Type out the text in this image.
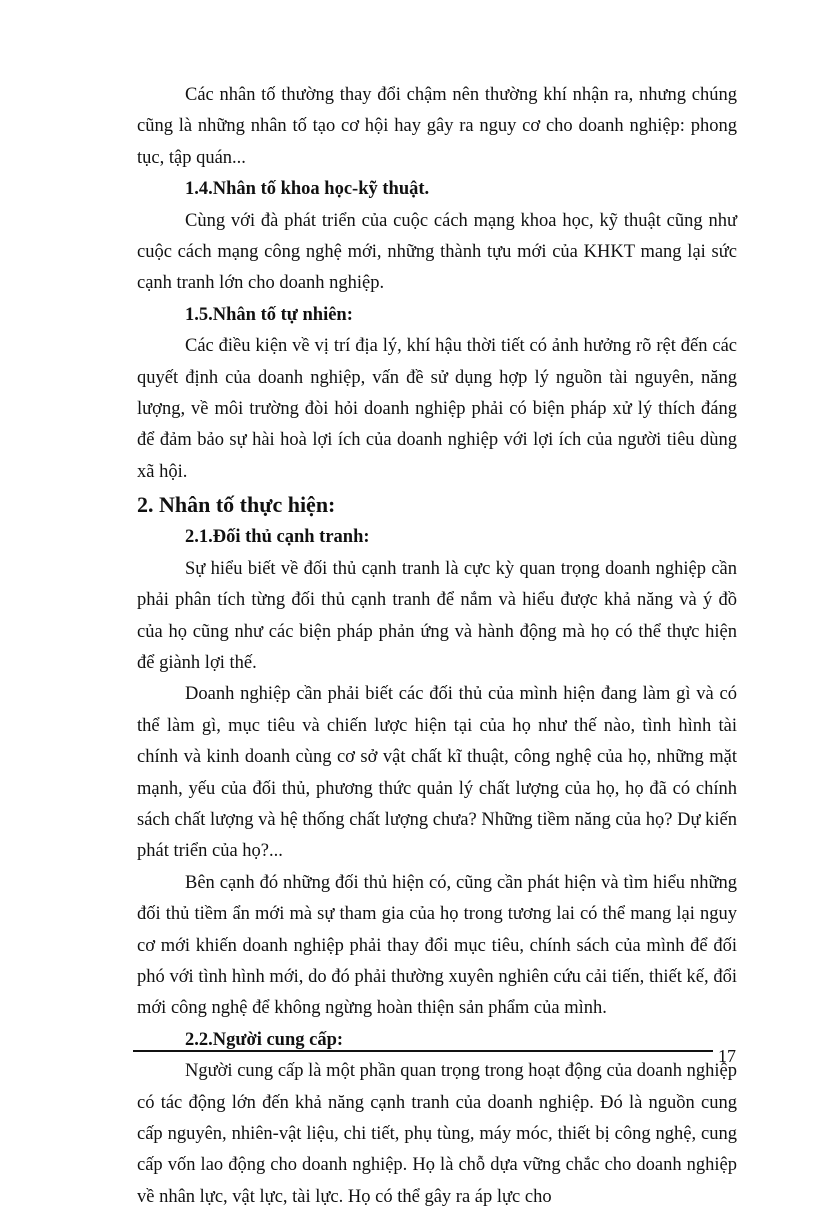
Các nhân tố thường thay đổi chậm nên thường khí nhận ra, nhưng chúng cũng là những nhân tố tạo cơ hội hay gây ra nguy cơ cho doanh nghiệp: phong tục, tập quán...

1.4.Nhân tố khoa học-kỹ thuật.

Cùng với đà phát triển của cuộc cách mạng khoa học, kỹ thuật cũng như cuộc cách mạng công nghệ mới, những thành tựu mới của KHKT mang lại sức cạnh tranh lớn cho doanh nghiệp.

1.5.Nhân tố tự nhiên:

Các điều kiện về vị trí địa lý, khí hậu thời tiết có ảnh hưởng rõ rệt đến các quyết định của doanh nghiệp, vấn đề sử dụng hợp lý nguồn tài nguyên, năng lượng, về môi trường đòi hỏi doanh nghiệp phải có biện pháp xử lý thích đáng để đảm bảo sự hài hoà lợi ích của doanh nghiệp với lợi ích của người tiêu dùng xã hội.

2. Nhân tố thực hiện:

2.1.Đối thủ cạnh tranh:

Sự hiểu biết về đối thủ cạnh tranh là cực kỳ quan trọng doanh nghiệp cần phải phân tích từng đối thủ cạnh tranh để nắm và hiểu được khả năng và ý đồ của họ cũng như các biện pháp phản ứng và hành động mà họ có thể thực hiện để giành lợi thế.

Doanh nghiệp cần phải biết các đối thủ của mình hiện đang làm gì và có thể làm gì, mục tiêu và chiến lược hiện tại của họ như thế nào, tình hình tài chính và kinh doanh cùng cơ sở vật chất kĩ thuật, công nghệ của họ, những mặt mạnh, yếu của đối thủ, phương thức quản lý chất lượng của họ, họ đã có chính sách chất lượng và hệ thống chất lượng chưa? Những tiềm năng của họ? Dự kiến phát triển của họ?...

Bên cạnh đó những đối thủ hiện có, cũng cần phát hiện và tìm hiểu những đối thủ tiềm ẩn mới mà sự tham gia của họ trong tương lai có thể mang lại nguy cơ mới khiến doanh nghiệp phải thay đổi mục tiêu, chính sách của mình để đối phó với tình hình mới, do đó phải thường xuyên nghiên cứu cải tiến, thiết kế, đổi mới công nghệ để không ngừng hoàn thiện sản phẩm của mình.

2.2.Người cung cấp:

Người cung cấp là một phần quan trọng trong hoạt động của doanh nghiệp có tác động lớn đến khả năng cạnh tranh của doanh nghiệp. Đó là nguồn cung cấp nguyên, nhiên-vật liệu, chi tiết, phụ tùng, máy móc, thiết bị công nghệ, cung cấp vốn lao động cho doanh nghiệp. Họ là chỗ dựa vững chắc cho doanh nghiệp về nhân lực, vật lực, tài lực. Họ có thể gây ra áp lực cho

17
